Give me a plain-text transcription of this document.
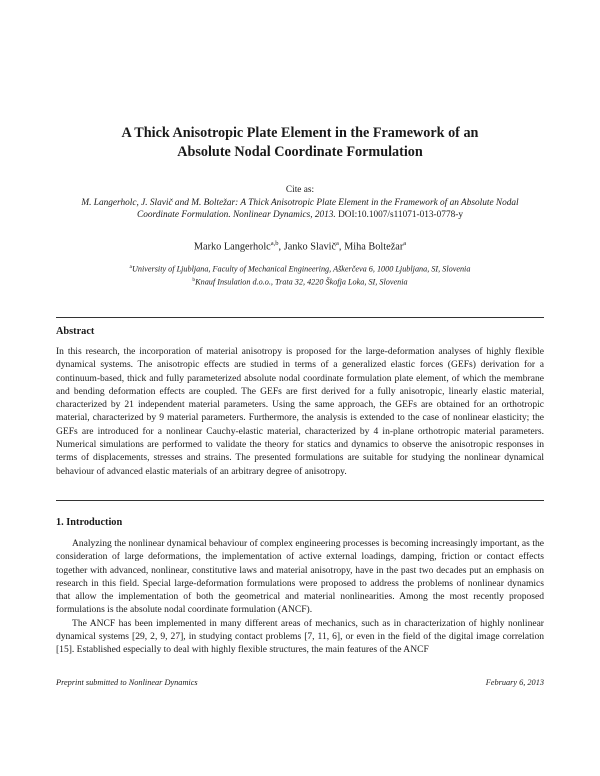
A Thick Anisotropic Plate Element in the Framework of an
Absolute Nodal Coordinate Formulation
Cite as:
M. Langerholc, J. Slavič and M. Boltežar: A Thick Anisotropic Plate Element in the Framework of an Absolute Nodal
Coordinate Formulation. Nonlinear Dynamics, 2013. DOI:10.1007/s11071-013-0778-y
Marko Langerholc$^{a,b}$, Janko Slavič$^a$, Miha Boltežar$^a$
$^a$University of Ljubljana, Faculty of Mechanical Engineering, Aškerčeva 6, 1000 Ljubljana, SI, Slovenia
$^b$Knauf Insulation d.o.o., Trata 32, 4220 Škofja Loka, SI, Slovenia
Abstract
In this research, the incorporation of material anisotropy is proposed for the large-deformation analyses of highly flexible dynamical systems. The anisotropic effects are studied in terms of a generalized elastic forces (GEFs) derivation for a continuum-based, thick and fully parameterized absolute nodal coordinate formulation plate element, of which the membrane and bending deformation effects are coupled. The GEFs are first derived for a fully anisotropic, linearly elastic material, characterized by 21 independent material parameters. Using the same approach, the GEFs are obtained for an orthotropic material, characterized by 9 material parameters. Furthermore, the analysis is extended to the case of nonlinear elasticity; the GEFs are introduced for a nonlinear Cauchy-elastic material, characterized by 4 in-plane orthotropic material parameters. Numerical simulations are performed to validate the theory for statics and dynamics to observe the anisotropic responses in terms of displacements, stresses and strains. The presented formulations are suitable for studying the nonlinear dynamical behaviour of advanced elastic materials of an arbitrary degree of anisotropy.
1. Introduction

Analyzing the nonlinear dynamical behaviour of complex engineering processes is becoming increasingly important, as the consideration of large deformations, the implementation of active external loadings, damping, friction or contact effects together with advanced, nonlinear, constitutive laws and material anisotropy, have in the past two decades put an emphasis on research in this field. Special large-deformation formulations were proposed to address the problems of nonlinear dynamics that allow the implementation of both the geometrical and material nonlinearities. Among the most recently proposed formulations is the absolute nodal coordinate formulation (ANCF).

The ANCF has been implemented in many different areas of mechanics, such as in characterization of highly nonlinear dynamical systems [29, 2, 9, 27], in studying contact problems [7, 11, 6], or even in the field of the digital image correlation [15]. Established especially to deal with highly flexible structures, the main features of the ANCF

Preprint submitted to Nonlinear Dynamics	February 6, 2013
